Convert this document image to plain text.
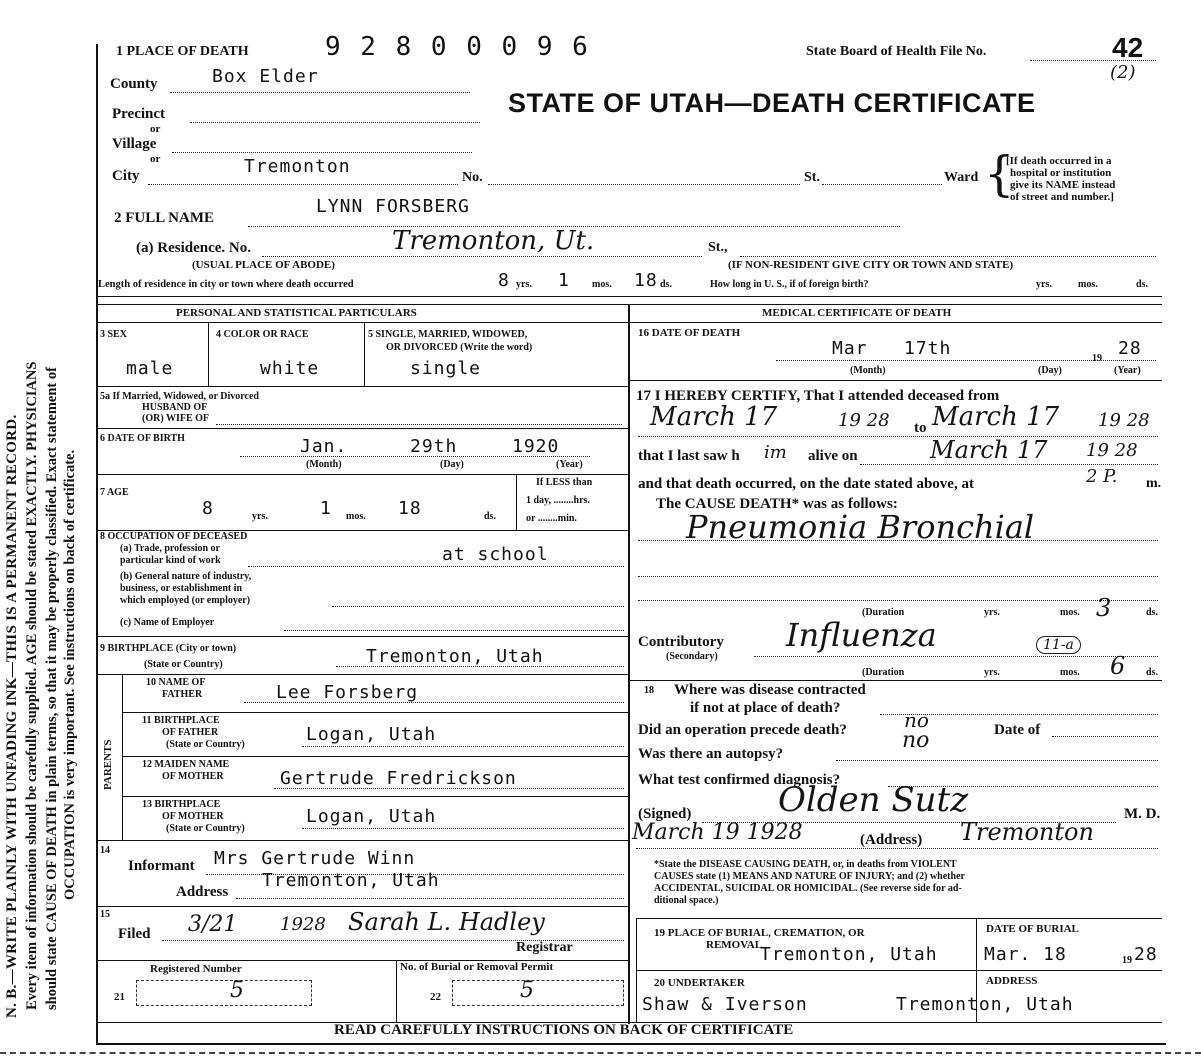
N. B.—WRITE PLAINLY WITH UNFADING INK—THIS IS A PERMANENT RECORD. Every item of information should be carefully supplied. AGE should be stated EXACTLY. PHYSICIANS should state CAUSE OF DEATH in plain terms, so that it may be properly classified. Exact statement of OCCUPATION is very important. See instructions on back of certificate.
1 PLACE OF DEATH	9 2 8 0 0 0 9 6	State Board of Health File No.	42
(2)
STATE OF UTAH—DEATH CERTIFICATE
County	Box Elder
Precinct
or
Village
or
City	Tremonton
No.	St.	Ward {
[If death occurred in a
hospital or institution
give its NAME instead
of street and number.]
2 FULL NAME
LYNN FORSBERG
(a) Residence. No.	Tremonton, Ut.	St.,
(USUAL PLACE OF ABODE)	(IF NON-RESIDENT GIVE CITY OR TOWN AND STATE)
Length of residence in city or town where death occurred	8 yrs. 1 mos. 18 ds.	How long in U. S., if of foreign birth?	yrs.	mos.	ds.
PERSONAL AND STATISTICAL PARTICULARS	MEDICAL CERTIFICATE OF DEATH
3 SEX
male
4 COLOR OR RACE
white
5 SINGLE, MARRIED, WIDOWED,
OR DIVORCED (Write the word)
single
5a If Married, Widowed, or Divorced
HUSBAND OF
(OR) WIFE OF
6 DATE OF BIRTH	Jan.	29th	1920
(Month)	(Day)	(Year)
7 AGE
8	yrs.	1 mos. 18	ds.
If LESS than
1 day, ........hrs.
or ........min.
8 OCCUPATION OF DECEASED
(a) Trade, profession or
particular kind of work	at school
(b) General nature of industry,
business, or establishment in
which employed (or employer)
(c) Name of Employer
9 BIRTHPLACE (City or town)
(State or Country)	Tremonton, Utah
PARENTS
10 NAME OF
FATHER	Lee Forsberg
11 BIRTHPLACE
OF FATHER
(State or Country)	Logan, Utah
12 MAIDEN NAME
OF MOTHER	Gertrude Fredrickson
13 BIRTHPLACE
OF MOTHER
(State or Country)
Logan, Utah
14
Informant Mrs Gertrude Winn
Address
Tremonton, Utah
15
Filed 3/21 1928 Sarah L. Hadley
Registrar
Registered Number	No. of Burial or Removal Permit
21	5	22	5
16 DATE OF DEATH
Mar 17th	19 28
(Month)	(Day)	(Year)
17 I HEREBY CERTIFY, That I attended deceased from
March 17	19 28 to March 17 19 28
that I last saw h im alive on	March 17 19 28
and that death occurred, on the date stated above, at	2 P. m.
The CAUSE DEATH* was as follows:
Pneumonia Bronchial
(Duration	yrs.	mos. 3	ds.
Contributory
(Secondary)
Influenza	11-a
(Duration	yrs.	mos. 6 ds.
18 Where was disease contracted
if not at place of death?
Did an operation precede death?	no	Date of
Was there an autopsy?
no
What test confirmed diagnosis?
(Signed)	Olden Sutz	M. D.
March 19 1928	(Address) Tremonton
*State the DISEASE CAUSING DEATH, or, in deaths from VIOLENT
CAUSES state (1) MEANS AND NATURE OF INJURY; and (2) whether
ACCIDENTAL, SUICIDAL OR HOMICIDAL. (See reverse side for ad-
ditional space.)
19 PLACE OF BURIAL, CREMATION, OR
REMOVAL
Tremonton, Utah
DATE OF BURIAL
Mar. 18	19 28
20 UNDERTAKER
Shaw & Iverson
ADDRESS
Tremonton, Utah
READ CAREFULLY INSTRUCTIONS ON BACK OF CERTIFICATE
